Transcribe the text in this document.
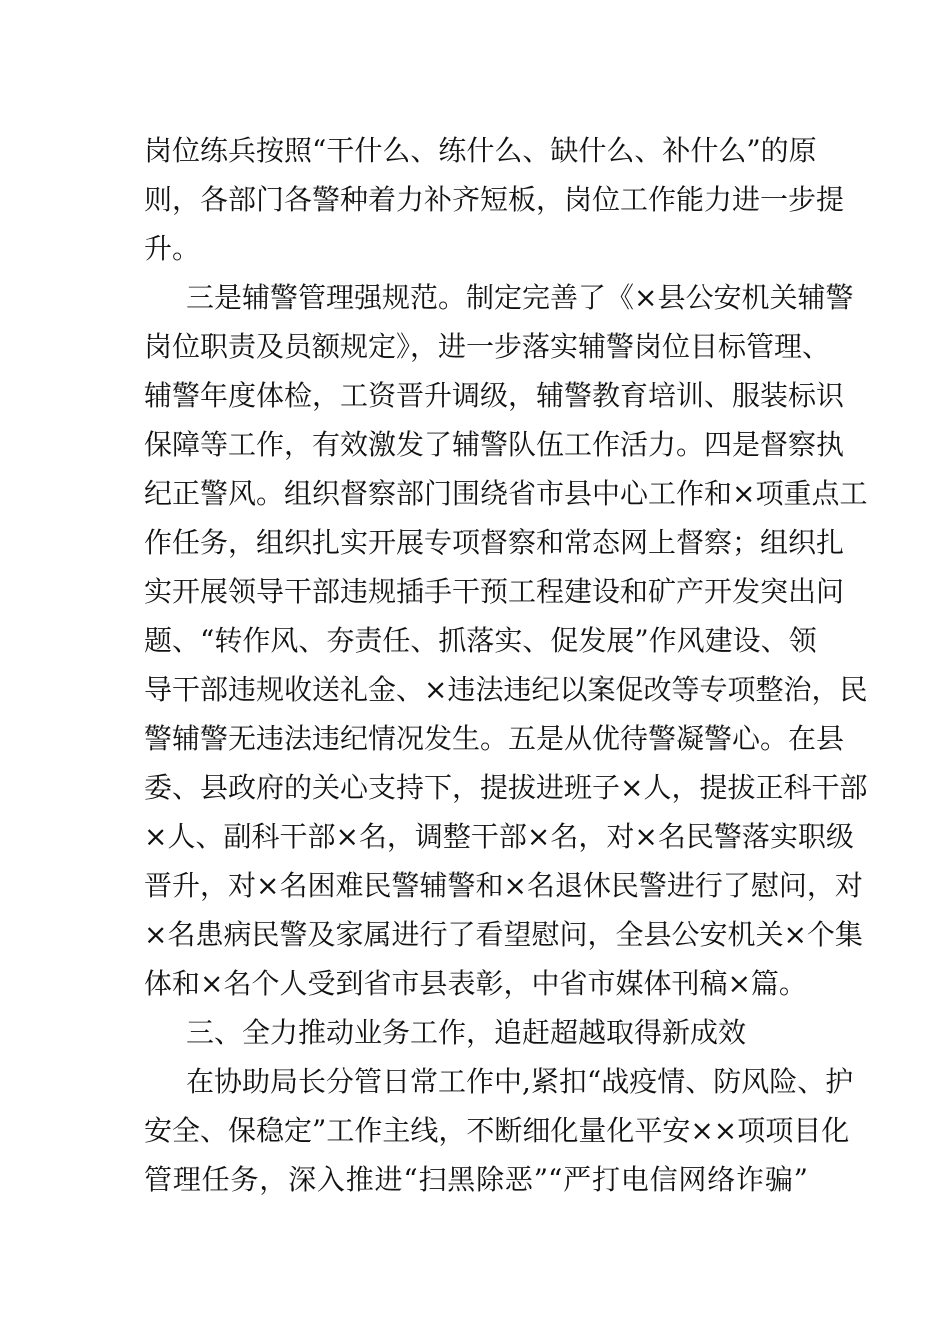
岗位练兵按照“干什么、练什么、缺什么、补什么”的原
则，各部门各警种着力补齐短板，岗位工作能力进一步提
升。
三是辅警管理强规范。制定完善了《×县公安机关辅警
岗位职责及员额规定》，进一步落实辅警岗位目标管理、
辅警年度体检，工资晋升调级，辅警教育培训、服装标识
保障等工作，有效激发了辅警队伍工作活力。四是督察执
纪正警风。组织督察部门围绕省市县中心工作和×项重点工
作任务，组织扎实开展专项督察和常态网上督察；组织扎
实开展领导干部违规插手干预工程建设和矿产开发突出问
题、“转作风、夯责任、抓落实、促发展”作风建设、领
导干部违规收送礼金、×违法违纪以案促改等专项整治，民
警辅警无违法违纪情况发生。五是从优待警凝警心。在县
委、县政府的关心支持下，提拔进班子×人，提拔正科干部
×人、副科干部×名，调整干部×名，对×名民警落实职级
晋升，对×名困难民警辅警和×名退休民警进行了慰问，对
×名患病民警及家属进行了看望慰问，全县公安机关×个集
体和×名个人受到省市县表彰，中省市媒体刊稿×篇。
三、全力推动业务工作，追赶超越取得新成效
在协助局长分管日常工作中,紧扣“战疫情、防风险、护
安全、保稳定”工作主线，不断细化量化平安××项项目化
管理任务，深入推进“扫黑除恶”“严打电信网络诈骗”
